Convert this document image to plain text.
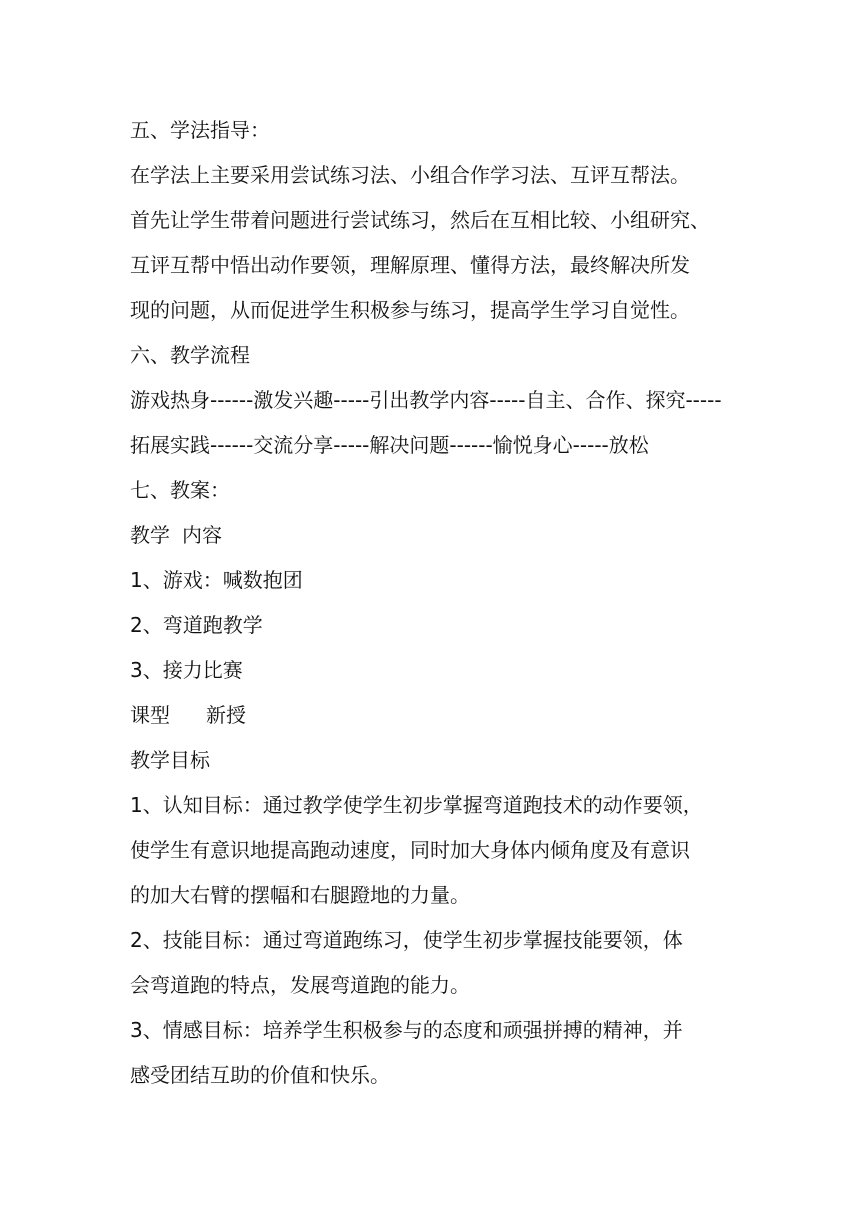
五、学法指导：
在学法上主要采用尝试练习法、小组合作学习法、互评互帮法。
首先让学生带着问题进行尝试练习，然后在互相比较、小组研究、
互评互帮中悟出动作要领，理解原理、懂得方法，最终解决所发
现的问题，从而促进学生积极参与练习，提高学生学习自觉性。
六、教学流程
游戏热身------激发兴趣-----引出教学内容-----自主、合作、探究-----
拓展实践------交流分享-----解决问题------愉悦身心-----放松
七、教案：
教学 内容
1、游戏：喊数抱团
2、弯道跑教学
3、接力比赛
课型 新授
教学目标
1、认知目标：通过教学使学生初步掌握弯道跑技术的动作要领，
使学生有意识地提高跑动速度，同时加大身体内倾角度及有意识
的加大右臂的摆幅和右腿蹬地的力量。
2、技能目标：通过弯道跑练习，使学生初步掌握技能要领，体
会弯道跑的特点，发展弯道跑的能力。
3、情感目标：培养学生积极参与的态度和顽强拼搏的精神，并
感受团结互助的价值和快乐。
